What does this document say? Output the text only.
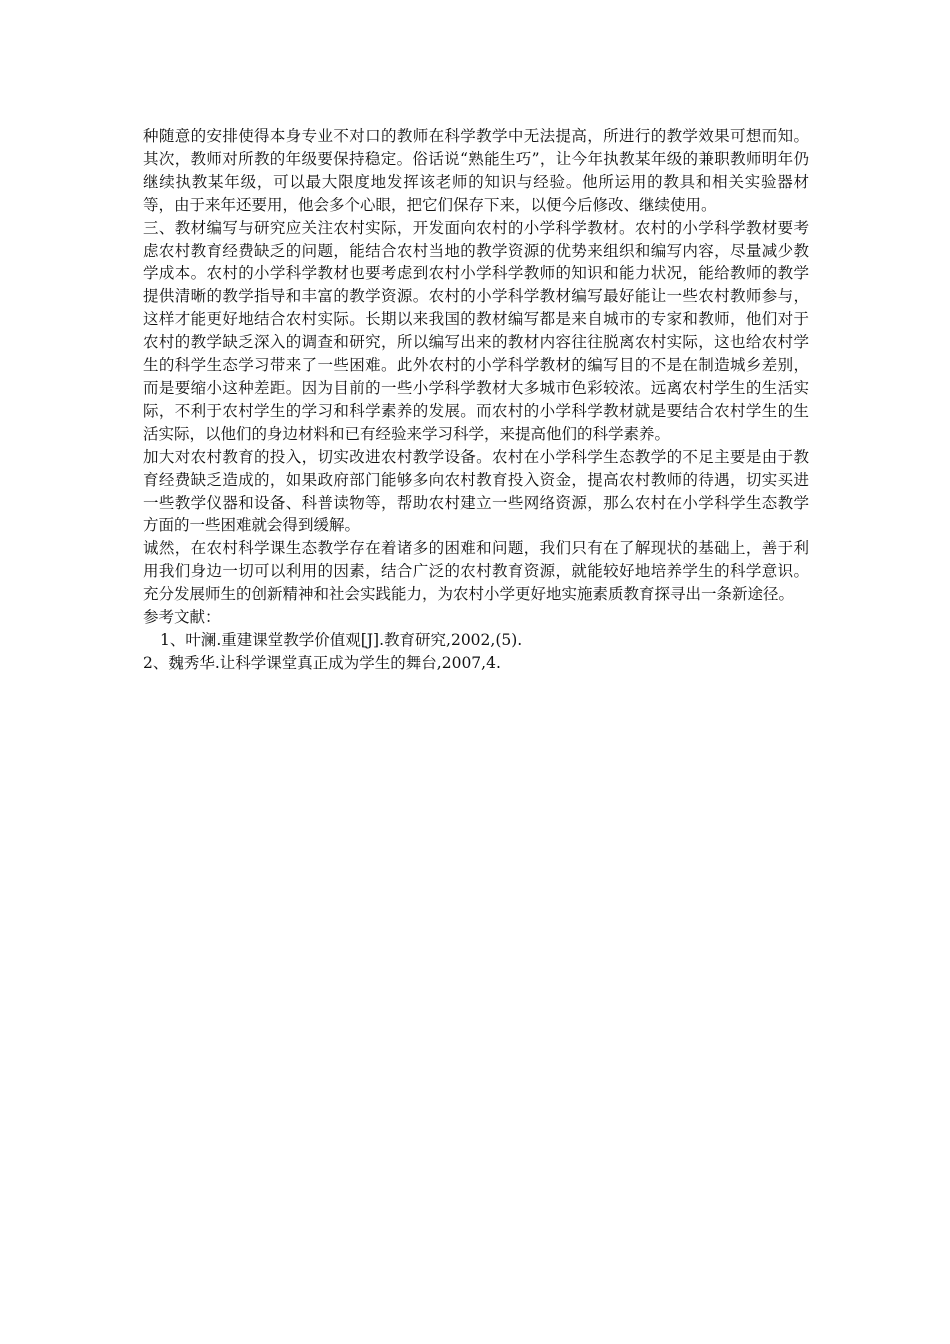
种随意的安排使得本身专业不对口的教师在科学教学中无法提高，所进行的教学效果可想而知。其次，教师对所教的年级要保持稳定。俗话说“熟能生巧”，让今年执教某年级的兼职教师明年仍继续执教某年级，可以最大限度地发挥该老师的知识与经验。他所运用的教具和相关实验器材等，由于来年还要用，他会多个心眼，把它们保存下来，以便今后修改、继续使用。

三、教材编写与研究应关注农村实际，开发面向农村的小学科学教材。农村的小学科学教材要考虑农村教育经费缺乏的问题，能结合农村当地的教学资源的优势来组织和编写内容，尽量减少教学成本。农村的小学科学教材也要考虑到农村小学科学教师的知识和能力状况，能给教师的教学提供清晰的教学指导和丰富的教学资源。农村的小学科学教材编写最好能让一些农村教师参与，这样才能更好地结合农村实际。长期以来我国的教材编写都是来自城市的专家和教师，他们对于农村的教学缺乏深入的调查和研究，所以编写出来的教材内容往往脱离农村实际，这也给农村学生的科学生态学习带来了一些困难。此外农村的小学科学教材的编写目的不是在制造城乡差别，而是要缩小这种差距。因为目前的一些小学科学教材大多城市色彩较浓。远离农村学生的生活实际，不利于农村学生的学习和科学素养的发展。而农村的小学科学教材就是要结合农村学生的生活实际，以他们的身边材料和已有经验来学习科学，来提高他们的科学素养。

加大对农村教育的投入，切实改进农村教学设备。农村在小学科学生态教学的不足主要是由于教育经费缺乏造成的，如果政府部门能够多向农村教育投入资金，提高农村教师的待遇，切实买进一些教学仪器和设备、科普读物等，帮助农村建立一些网络资源，那么农村在小学科学生态教学方面的一些困难就会得到缓解。

诚然，在农村科学课生态教学存在着诸多的困难和问题，我们只有在了解现状的基础上，善于利用我们身边一切可以利用的因素，结合广泛的农村教育资源，就能较好地培养学生的科学意识。充分发展师生的创新精神和社会实践能力，为农村小学更好地实施素质教育探寻出一条新途径。

参考文献：

1、叶澜.重建课堂教学价值观[J].教育研究,2002,(5).

2、魏秀华.让科学课堂真正成为学生的舞台,2007,4.
